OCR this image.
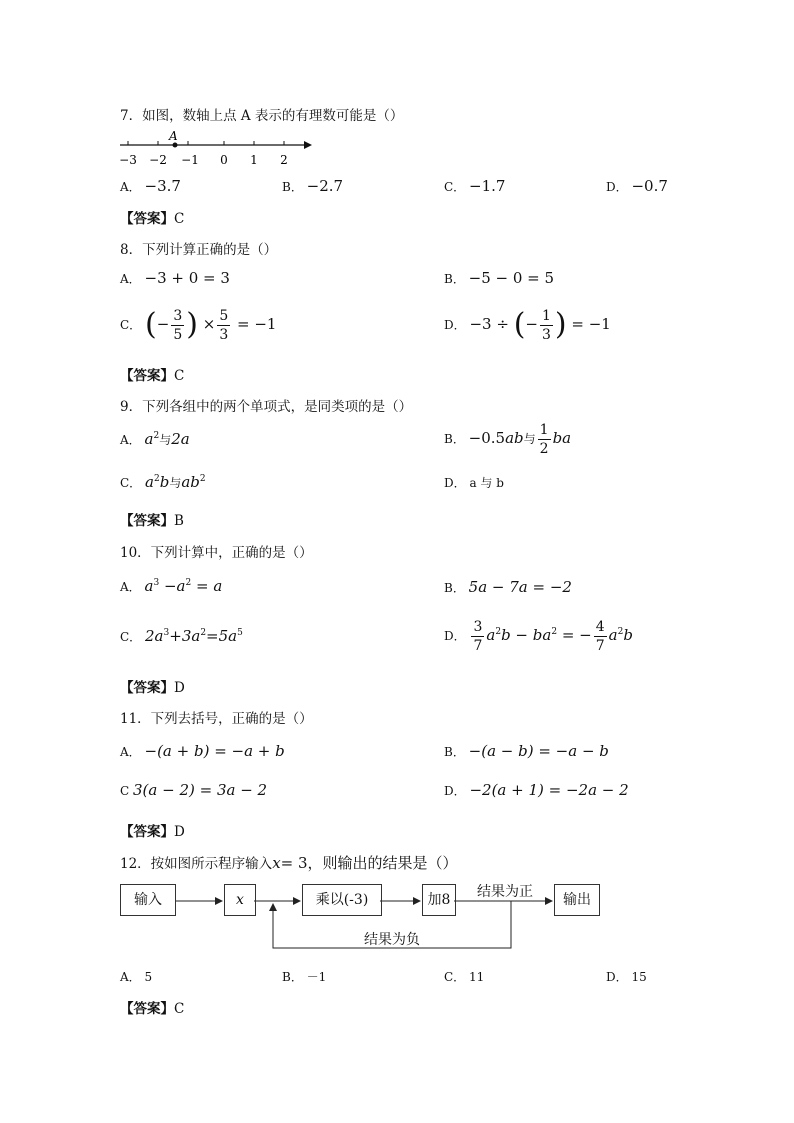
7．如图，数轴上点 A 表示的有理数可能是（）
A
−3 −2 −1 0 1 2
A． −3.7	B． −2.7	C． −1.7	D． −0.7
【答案】C
8．下列计算正确的是（）
A． −3 + 0 = 3	B． −5 − 0 = 5
C． (− $\frac{3}{5}$ ) × $\frac{5}{3} = -1$	D． −3 ÷ (− $\frac{1}{3}$ ) = −1
【答案】C
9．下列各组中的两个单项式，是同类项的是（）
A． $a^2$与2a	B． −0.5ab与 $\frac{1}{2}$ ba
C． $a^2b$与$ab^2$	D． a 与 b
【答案】B
10．下列计算中，正确的是（）
A． $a^3 -a^2 = a$	B． 5a − 7a = −2
C． $2a^3+3a^2=5a^5$	D． $\frac{3}{7} a^2b - ba^2$ = − $\frac{4}{7} a^2b$
【答案】D
11．下列去括号，正确的是（）
A． −(a + b) = −a + b	B． −(a − b) = −a − b
C 3(a − 2) = 3a − 2	D． −2(a + 1) = −2a − 2
【答案】D
12．按如图所示程序输入x= 3，则输出的结果是（）
输入	x	乘以(-3)	加8	输出
结果为正
结果为负
A． 5	B． －1	C． 11	D． 15
【答案】C
